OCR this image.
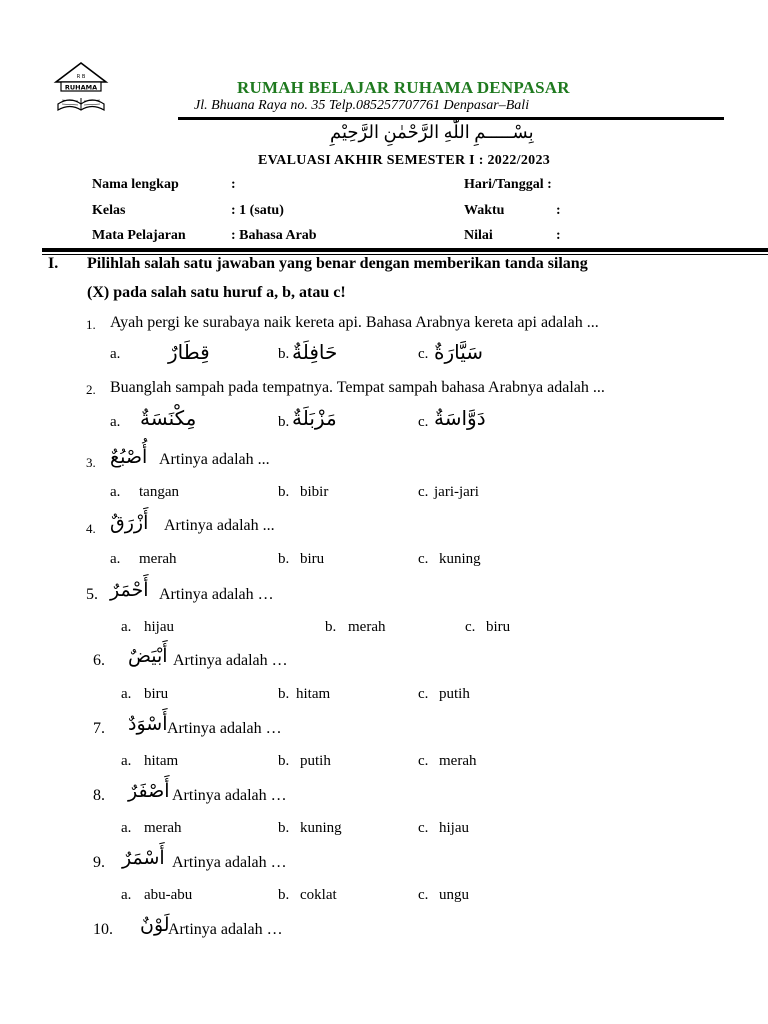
R B
RUHAMA	RUMAH BELAJAR RUHAMA DENPASAR
Jl. Bhuana Raya no. 35 Telp.085257707761 Denpasar–Bali
بِسْـــــمِ اللّٰهِ الرَّحْمٰنِ الرَّحِيْمِ
EVALUASI AKHIR SEMESTER I : 2022/2023
Nama lengkap	:	Hari/Tanggal :
Kelas	: 1 (satu)	Waktu	:
Mata Pelajaran	: Bahasa Arab	Nilai	:
I. Pilihlah salah satu jawaban yang benar dengan memberikan tanda silang
(X) pada salah satu huruf a, b, atau c!
1. Ayah pergi ke surabaya naik kereta api. Bahasa Arabnya kereta api adalah ...
a. قِطَارٌ	b. حَافِلَةٌ	c. سَيَّارَةٌ
2. Buanglah sampah pada tempatnya. Tempat sampah bahasa Arabnya adalah ...
a. مِكْنَسَةٌ	b. مَزْبَلَةٌ	c. دَوَّاسَةٌ
3. أُصْبُعٌ Artinya adalah ...
a. tangan	b. bibir	c. jari-jari
4. أَزْرَقٌ Artinya adalah ...
a. merah	b. biru	c. kuning
5. أَحْمَرٌ Artinya adalah …
a. hijau	b. merah	c. biru
6. أَبْيَضٌ Artinya adalah …
a. biru	b. hitam	c. putih
7. أَسْوَدٌ Artinya adalah …
a. hitam	b. putih	c. merah
8. أَصْفَرٌ Artinya adalah …
a. merah	b. kuning	c. hijau
9. أَسْمَرٌ Artinya adalah …
a. abu-abu	b. coklat	c. ungu
10. لَوْنٌ
Artinya adalah …
